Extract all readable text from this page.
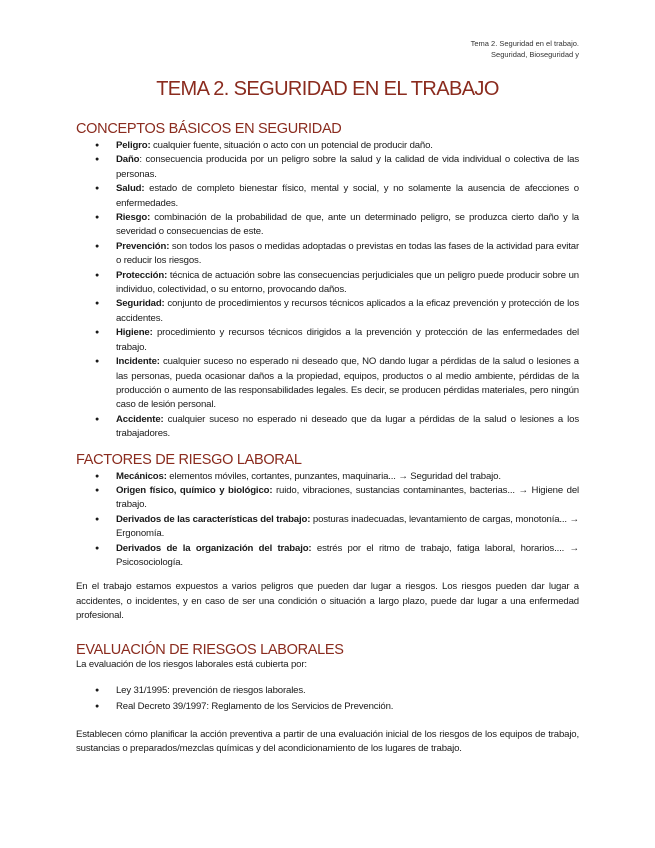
Tema 2. Seguridad en el trabajo.
Seguridad, Bioseguridad y
TEMA 2. SEGURIDAD EN EL TRABAJO
CONCEPTOS BÁSICOS EN SEGURIDAD
● Peligro: cualquier fuente, situación o acto con un potencial de producir daño.
● Daño: consecuencia producida por un peligro sobre la salud y la calidad de vida individual o colectiva de las personas.
● Salud: estado de completo bienestar físico, mental y social, y no solamente la ausencia de afecciones o enfermedades.
● Riesgo: combinación de la probabilidad de que, ante un determinado peligro, se produzca cierto daño y la severidad o consecuencias de este.
● Prevención: son todos los pasos o medidas adoptadas o previstas en todas las fases de la actividad para evitar o reducir los riesgos.
● Protección: técnica de actuación sobre las consecuencias perjudiciales que un peligro puede producir sobre un individuo, colectividad, o su entorno, provocando daños.
● Seguridad: conjunto de procedimientos y recursos técnicos aplicados a la eficaz prevención y protección de los accidentes.
● Higiene: procedimiento y recursos técnicos dirigidos a la prevención y protección de las enfermedades del trabajo.
● Incidente: cualquier suceso no esperado ni deseado que, NO dando lugar a pérdidas de la salud o lesiones a las personas, pueda ocasionar daños a la propiedad, equipos, productos o al medio ambiente, pérdidas de la producción o aumento de las responsabilidades legales. Es decir, se producen pérdidas materiales, pero ningún caso de lesión personal.
● Accidente: cualquier suceso no esperado ni deseado que da lugar a pérdidas de la salud o lesiones a los trabajadores.
FACTORES DE RIESGO LABORAL
● Mecánicos: elementos móviles, cortantes, punzantes, maquinaria... → Seguridad del trabajo.
● Origen físico, químico y biológico: ruido, vibraciones, sustancias contaminantes, bacterias... → Higiene del trabajo.
● Derivados de las características del trabajo: posturas inadecuadas, levantamiento de cargas, monotonía... → Ergonomía.
● Derivados de la organización del trabajo: estrés por el ritmo de trabajo, fatiga laboral, horarios.... → Psicosociología.

En el trabajo estamos expuestos a varios peligros que pueden dar lugar a riesgos. Los riesgos pueden dar lugar a accidentes, o incidentes, y en caso de ser una condición o situación a largo plazo, puede dar lugar a una enfermedad profesional.

EVALUACIÓN DE RIESGOS LABORALES

La evaluación de los riesgos laborales está cubierta por:

● Ley 31/1995: prevención de riesgos laborales.
● Real Decreto 39/1997: Reglamento de los Servicios de Prevención.

Establecen cómo planificar la acción preventiva a partir de una evaluación inicial de los riesgos de los equipos de trabajo, sustancias o preparados/mezclas químicas y del acondicionamiento de los lugares de trabajo.
